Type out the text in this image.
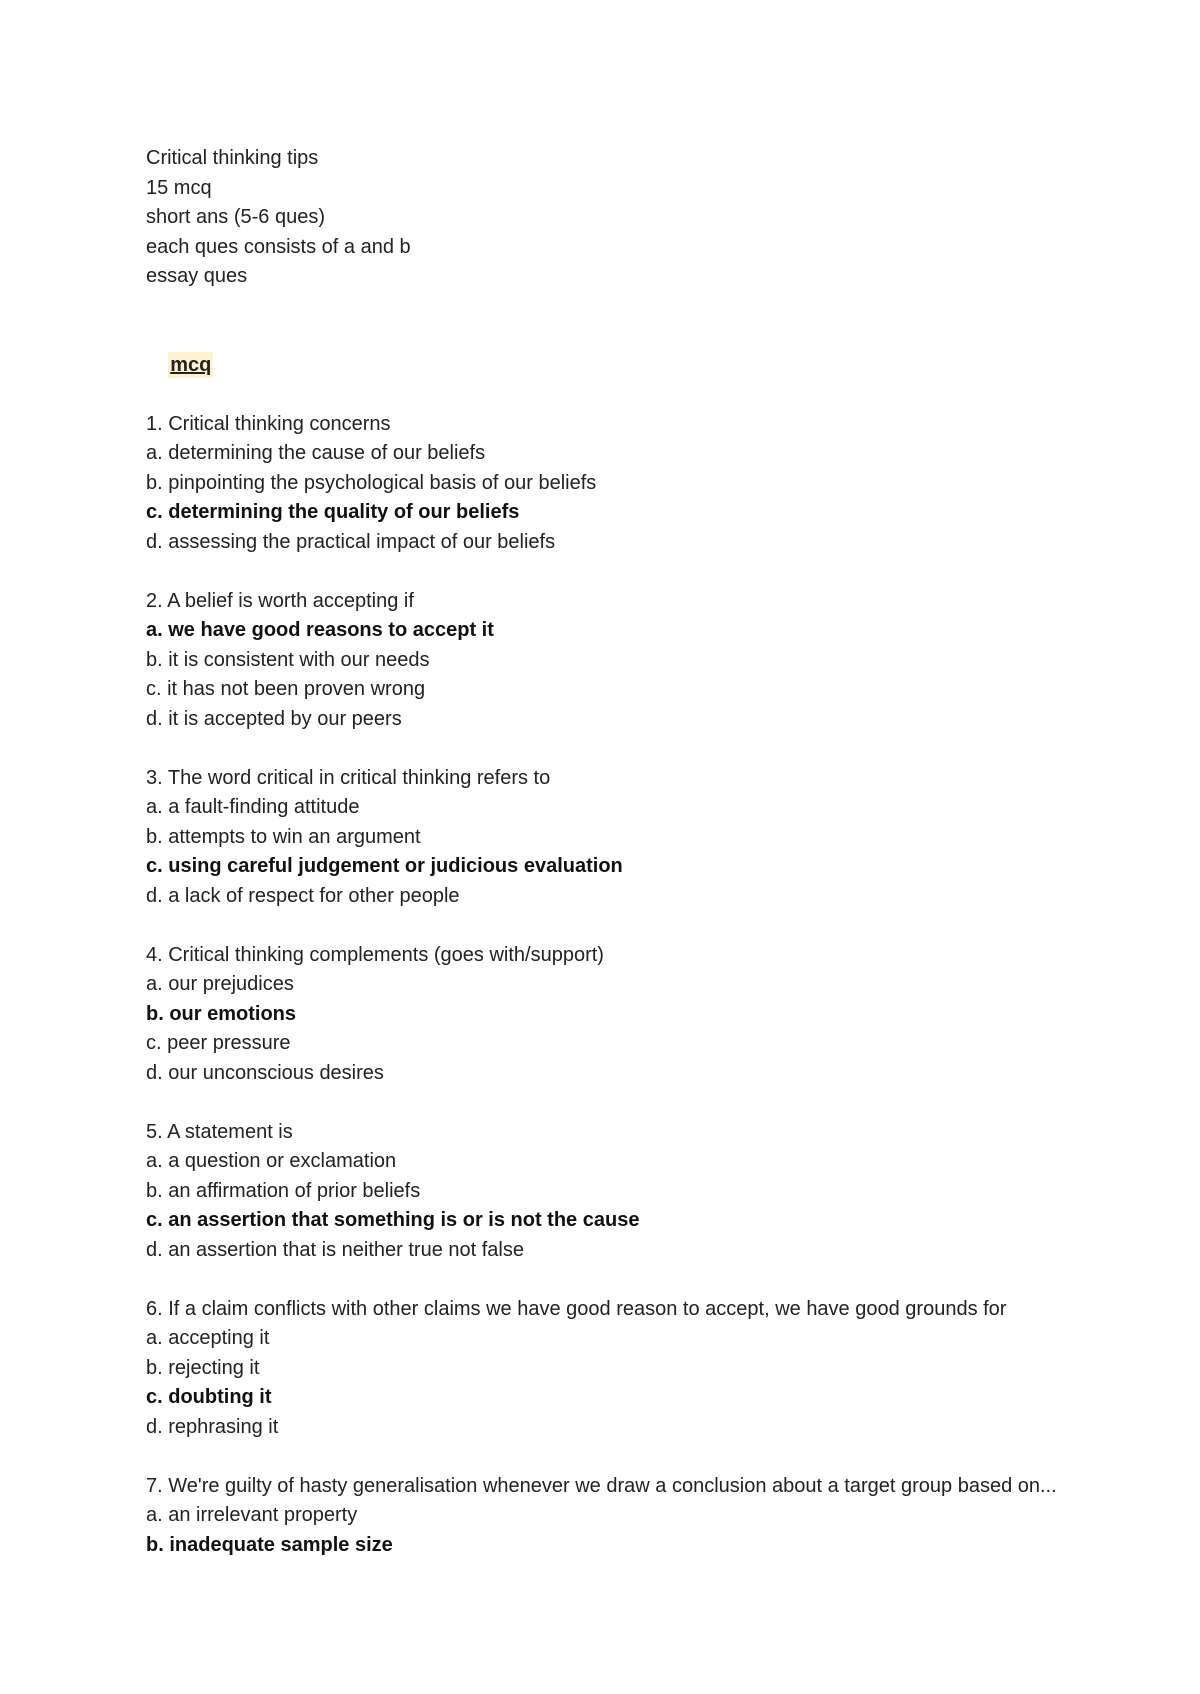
Critical thinking tips
15 mcq
short ans (5-6 ques)
each ques consists of a and b
essay ques

mcq

1. Critical thinking concerns
a. determining the cause of our beliefs
b. pinpointing the psychological basis of our beliefs
c. determining the quality of our beliefs
d. assessing the practical impact of our beliefs
2. A belief is worth accepting if
a. we have good reasons to accept it
b. it is consistent with our needs
c. it has not been proven wrong
d. it is accepted by our peers
3. The word critical in critical thinking refers to
a. a fault-finding attitude
b. attempts to win an argument
c. using careful judgement or judicious evaluation
d. a lack of respect for other people
4. Critical thinking complements (goes with/support)
a. our prejudices
b. our emotions
c. peer pressure
d. our unconscious desires
5. A statement is
a. a question or exclamation
b. an affirmation of prior beliefs
c. an assertion that something is or is not the cause
d. an assertion that is neither true not false
6. If a claim conflicts with other claims we have good reason to accept, we have good grounds for
a. accepting it
b. rejecting it
c. doubting it
d. rephrasing it
7. We're guilty of hasty generalisation whenever we draw a conclusion about a target group based on...
a. an irrelevant property
b. inadequate sample size
